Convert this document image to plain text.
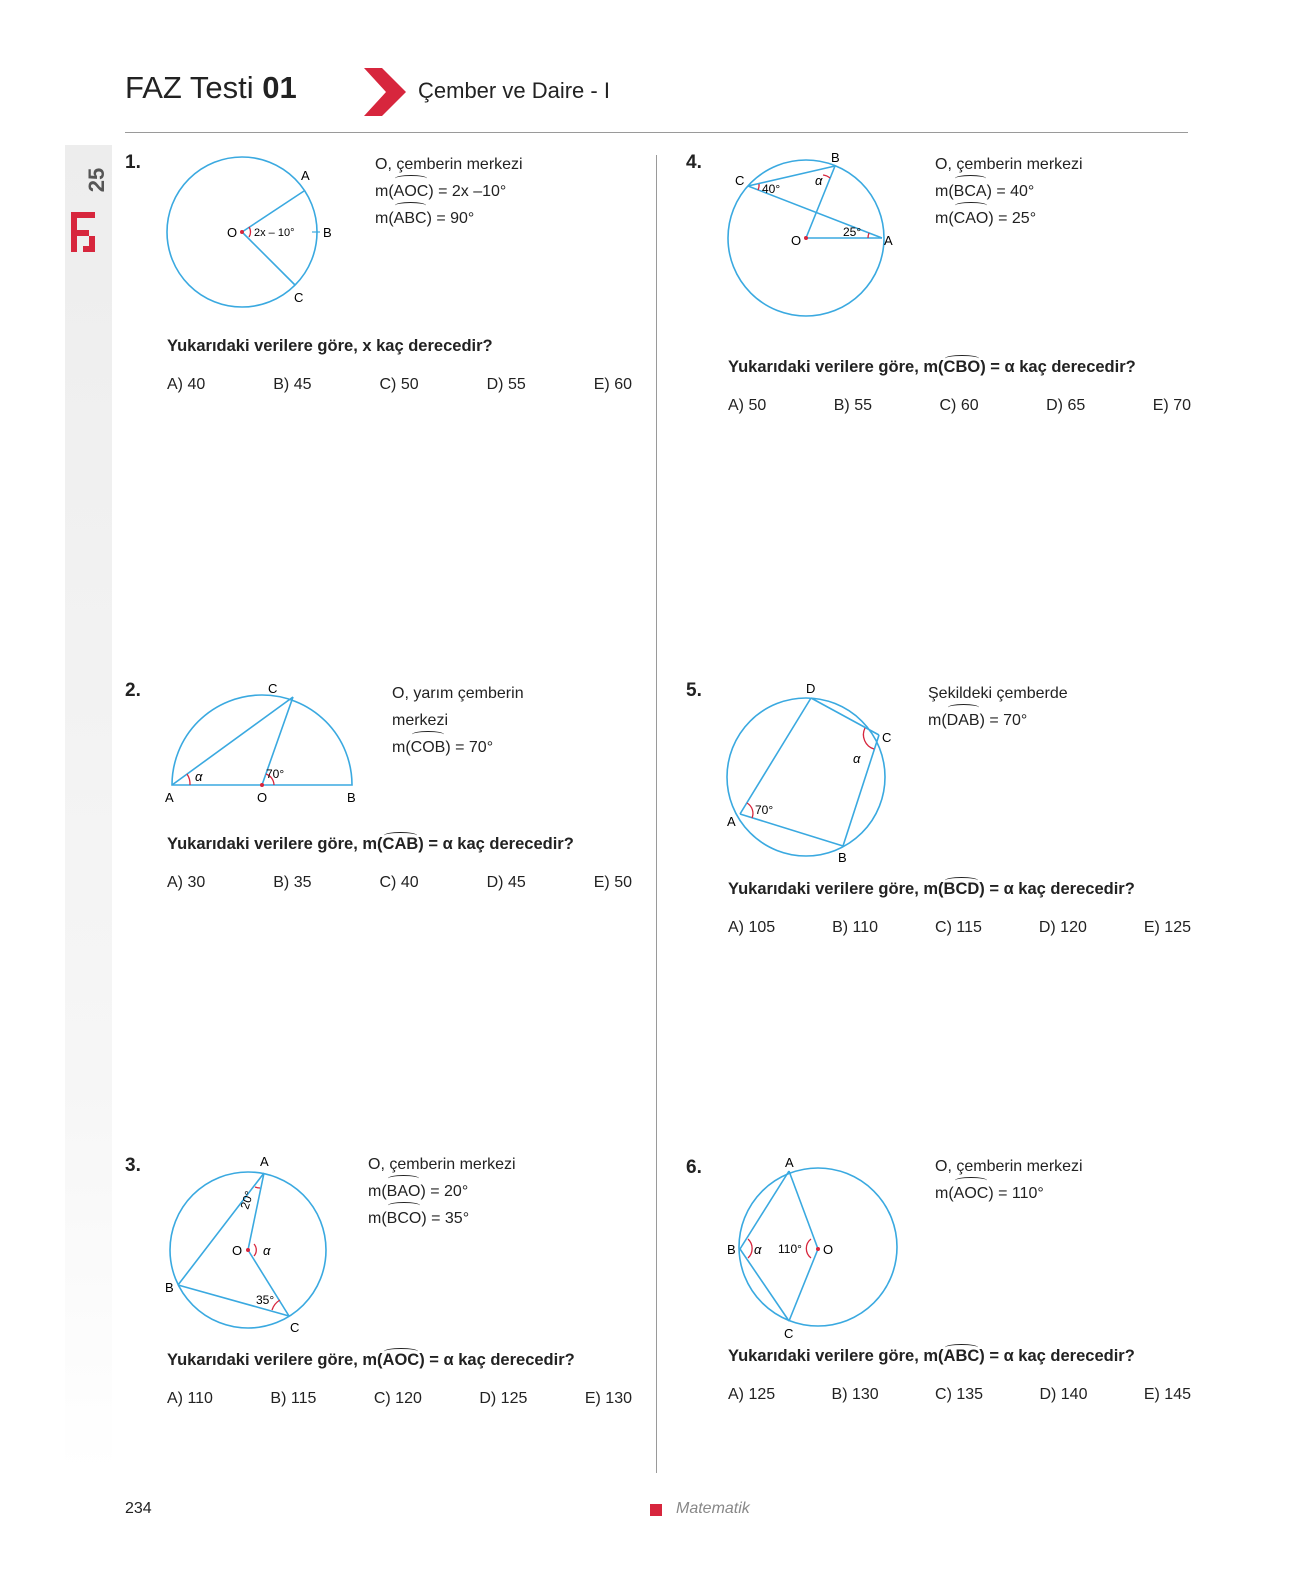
FAZ Testi 01	Çember ve Daire - I
25
1.
A
B
C
O 2x – 10°
O, çemberin merkezi
m(AOC) = 2x –10°
m(ABC) = 90°
Yukarıdaki verilere göre, x kaç derecedir?
A) 40	B) 45	C) 50	D) 55	E) 60
2.
A	B
C
O
70°
α
O, yarım çemberin
merkezi
m(COB) = 70°
Yukarıdaki verilere göre, m(CAB) = α kaç derecedir?
A) 30	B) 35	C) 40	D) 45	E) 50
3.	A
B
C
O
20°
35°
α
O, çemberin merkezi
m(BAO) = 20°
m(BCO) = 35°
Yukarıdaki verilere göre, m(AOC) = α kaç derecedir?
A) 110	B) 115	C) 120	D) 125	E) 130
4.	B
C
A
O
40°
25°
α
O, çemberin merkezi
m(BCA) = 40°
m(CAO) = 25°
Yukarıdaki verilere göre, m(CBO) = α kaç derecedir?
A) 50	B) 55	C) 60	D) 65	E) 70
5.	D
C
B
A
70°
α
Şekildeki çemberde
m(DAB) = 70°
Yukarıdaki verilere göre, m(BCD) = α kaç derecedir?
A) 105	B) 110	C) 115	D) 120	E) 125
6.	A
B
C
O
110°
α
O, çemberin merkezi
m(AOC) = 110°
Yukarıdaki verilere göre, m(ABC) = α kaç derecedir?
A) 125	B) 130	C) 135	D) 140	E) 145
234	Matematik
